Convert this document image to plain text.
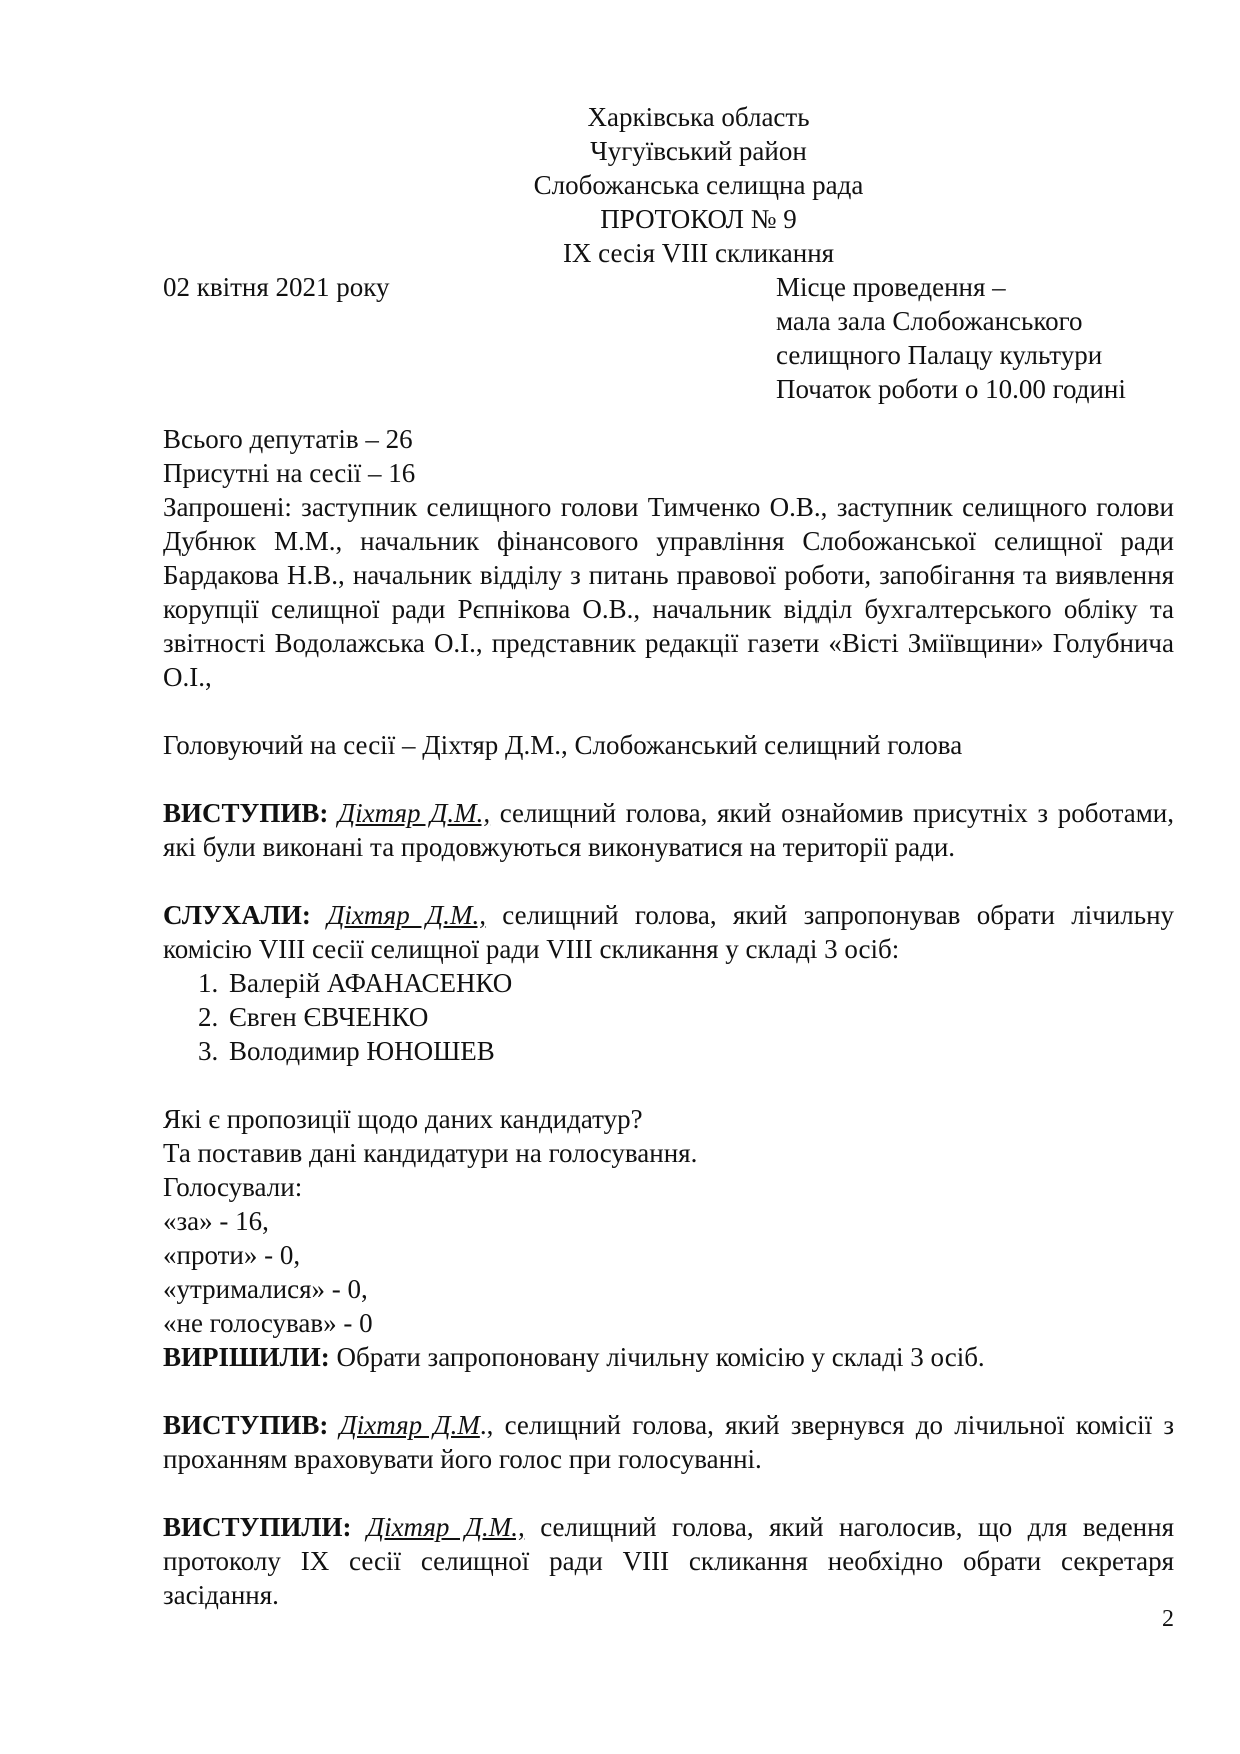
Харківська область
Чугуївський район
Слобожанська селищна рада
ПРОТОКОЛ № 9
ІХ сесія VIII скликання
02 квітня 2021 року	Місце проведення –
мала зала Слобожанського
селищного Палацу культури
Початок роботи о 10.00 годині
Всього депутатів – 26
Присутні на сесії – 16
Запрошені: заступник селищного голови Тимченко О.В., заступник селищного голови Дубнюк М.М., начальник фінансового управління Слобожанської селищної ради Бардакова Н.В., начальник відділу з питань правової роботи, запобігання та виявлення корупції селищної ради Рєпнікова О.В., начальник відділ бухгалтерського обліку та звітності Водолажська О.І., представник редакції газети «Вісті Зміївщини» Голубнича О.І.,
Головуючий на сесії – Діхтяр Д.М., Слобожанський селищний голова
ВИСТУПИВ: Діхтяр Д.М., селищний голова, який ознайомив присутніх з роботами, які були виконані та продовжуються виконуватися на території ради.
СЛУХАЛИ: Діхтяр Д.М., селищний голова, який запропонував обрати лічильну комісію VIII сесії селищної ради VIII скликання у складі 3 осіб:
1. Валерій АФАНАСЕНКО
2. Євген ЄВЧЕНКО
3. Володимир ЮНОШЕВ
Які є пропозиції щодо даних кандидатур?
Та поставив дані кандидатури на голосування.
Голосували:
«за» - 16,
«проти» - 0,
«утрималися» - 0,
«не голосував» - 0
ВИРІШИЛИ: Обрати запропоновану лічильну комісію у складі 3 осіб.
ВИСТУПИВ: Діхтяр Д.М., селищний голова, який звернувся до лічильної комісії з проханням враховувати його голос при голосуванні.
ВИСТУПИЛИ: Діхтяр Д.М., селищний голова, який наголосив, що для ведення протоколу ІХ сесії селищної ради VIII скликання необхідно обрати секретаря засідання.
2
